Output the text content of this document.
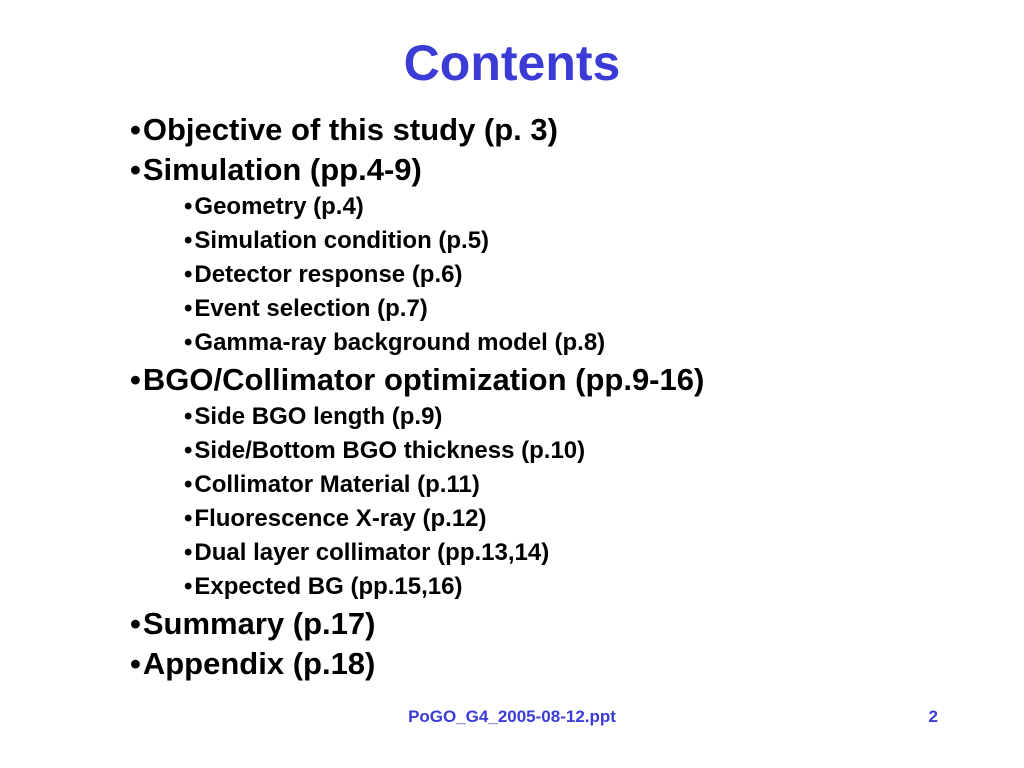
Contents
•Objective of this study (p. 3)
•Simulation (pp.4-9)
•Geometry (p.4)
•Simulation condition (p.5)
•Detector response (p.6)
•Event selection (p.7)
•Gamma-ray background model (p.8)
•BGO/Collimator optimization (pp.9-16)
•Side BGO length (p.9)
•Side/Bottom BGO thickness (p.10)
•Collimator Material (p.11)
•Fluorescence X-ray (p.12)
•Dual layer collimator (pp.13,14)
•Expected BG (pp.15,16)
•Summary (p.17)
•Appendix (p.18)
PoGO_G4_2005-08-12.ppt	2
